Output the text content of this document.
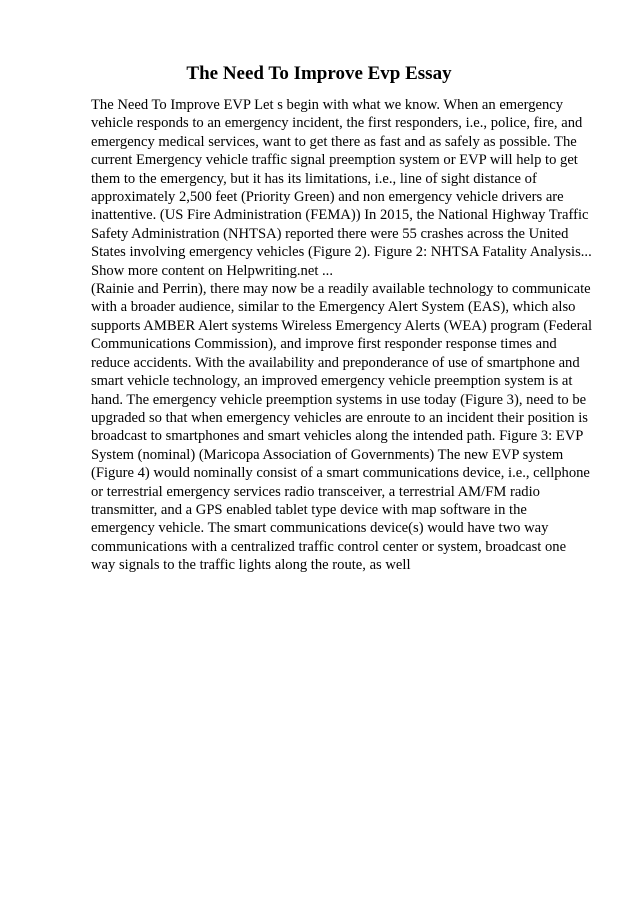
The Need To Improve Evp Essay
The Need To Improve EVP Let s begin with what we know. When an emergency
vehicle responds to an emergency incident, the first responders, i.e., police, fire, and
emergency medical services, want to get there as fast and as safely as possible. The
current Emergency vehicle traffic signal preemption system or EVP will help to get
them to the emergency, but it has its limitations, i.e., line of sight distance of
approximately 2,500 feet (Priority Green) and non emergency vehicle drivers are
inattentive. (US Fire Administration (FEMA)) In 2015, the National Highway Traffic
Safety Administration (NHTSA) reported there were 55 crashes across the United
States involving emergency vehicles (Figure 2). Figure 2: NHTSA Fatality Analysis...
Show more content on Helpwriting.net ...
(Rainie and Perrin), there may now be a readily available technology to communicate
with a broader audience, similar to the Emergency Alert System (EAS), which also
supports AMBER Alert systems Wireless Emergency Alerts (WEA) program (Federal
Communications Commission), and improve first responder response times and
reduce accidents. With the availability and preponderance of use of smartphone and
smart vehicle technology, an improved emergency vehicle preemption system is at
hand. The emergency vehicle preemption systems in use today (Figure 3), need to be
upgraded so that when emergency vehicles are enroute to an incident their position is
broadcast to smartphones and smart vehicles along the intended path. Figure 3: EVP
System (nominal) (Maricopa Association of Governments) The new EVP system
(Figure 4) would nominally consist of a smart communications device, i.e., cellphone
or terrestrial emergency services radio transceiver, a terrestrial AM/FM radio
transmitter, and a GPS enabled tablet type device with map software in the
emergency vehicle. The smart communications device(s) would have two way
communications with a centralized traffic control center or system, broadcast one
way signals to the traffic lights along the route, as well
